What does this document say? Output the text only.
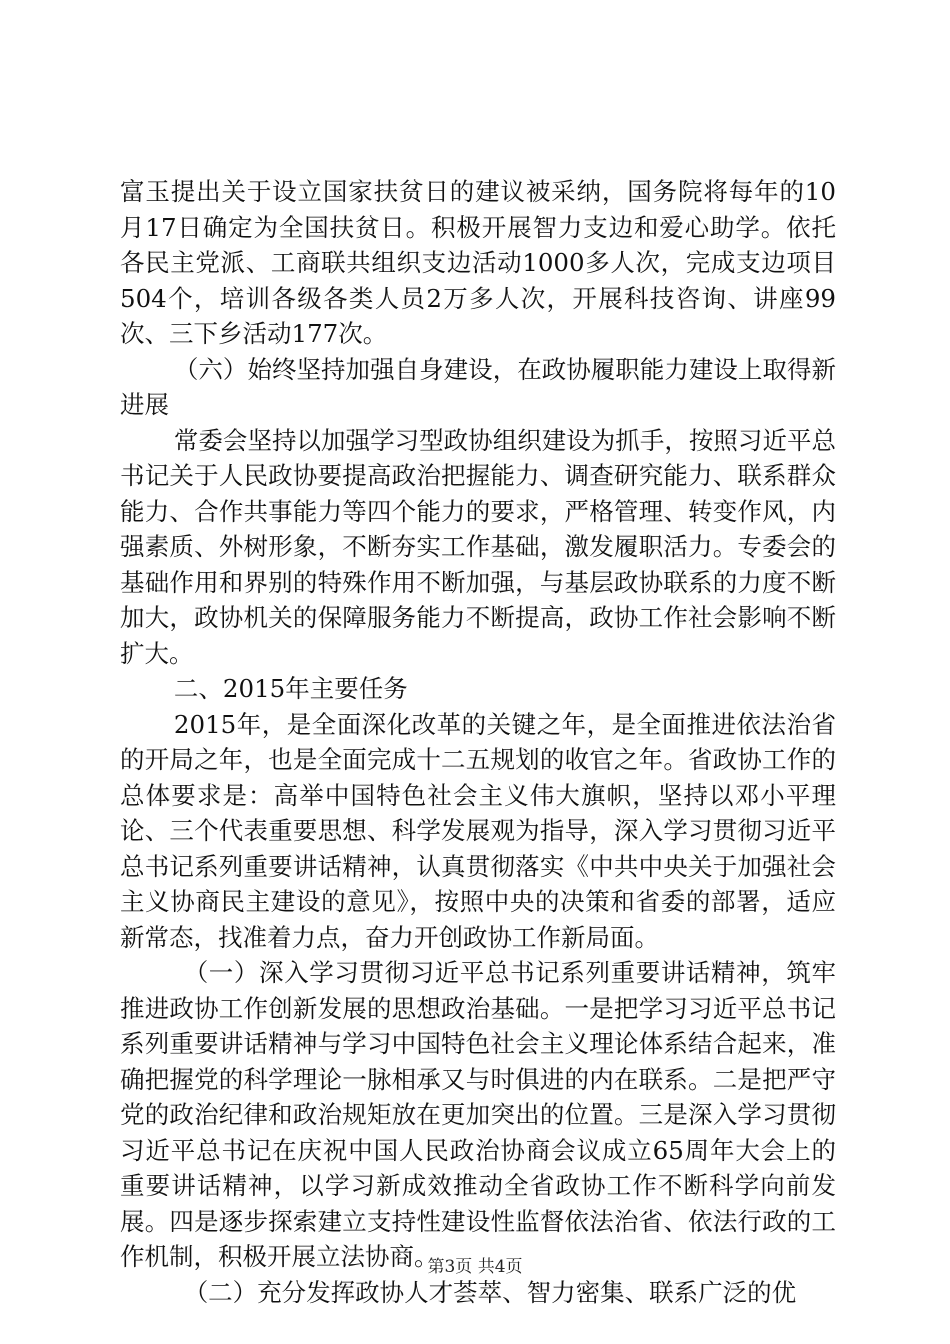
富玉提出关于设立国家扶贫日的建议被采纳，国务院将每年的10月17日确定为全国扶贫日。积极开展智力支边和爱心助学。依托各民主党派、工商联共组织支边活动1000多人次，完成支边项目504个，培训各级各类人员2万多人次，开展科技咨询、讲座99次、三下乡活动177次。

（六）始终坚持加强自身建设，在政协履职能力建设上取得新进展

常委会坚持以加强学习型政协组织建设为抓手，按照习近平总书记关于人民政协要提高政治把握能力、调查研究能力、联系群众能力、合作共事能力等四个能力的要求，严格管理、转变作风，内强素质、外树形象，不断夯实工作基础，激发履职活力。专委会的基础作用和界别的特殊作用不断加强，与基层政协联系的力度不断加大，政协机关的保障服务能力不断提高，政协工作社会影响不断扩大。

二、2015年主要任务

2015年，是全面深化改革的关键之年，是全面推进依法治省的开局之年，也是全面完成十二五规划的收官之年。省政协工作的总体要求是：高举中国特色社会主义伟大旗帜，坚持以邓小平理论、三个代表重要思想、科学发展观为指导，深入学习贯彻习近平总书记系列重要讲话精神，认真贯彻落实《中共中央关于加强社会主义协商民主建设的意见》，按照中央的决策和省委的部署，适应新常态，找准着力点，奋力开创政协工作新局面。

（一）深入学习贯彻习近平总书记系列重要讲话精神，筑牢推进政协工作创新发展的思想政治基础。一是把学习习近平总书记系列重要讲话精神与学习中国特色社会主义理论体系结合起来，准确把握党的科学理论一脉相承又与时俱进的内在联系。二是把严守党的政治纪律和政治规矩放在更加突出的位置。三是深入学习贯彻习近平总书记在庆祝中国人民政治协商会议成立65周年大会上的重要讲话精神，以学习新成效推动全省政协工作不断科学向前发展。四是逐步探索建立支持性建设性监督依法治省、依法行政的工作机制，积极开展立法协商。

（二）充分发挥政协人才荟萃、智力密集、联系广泛的优

第3页 共4页
